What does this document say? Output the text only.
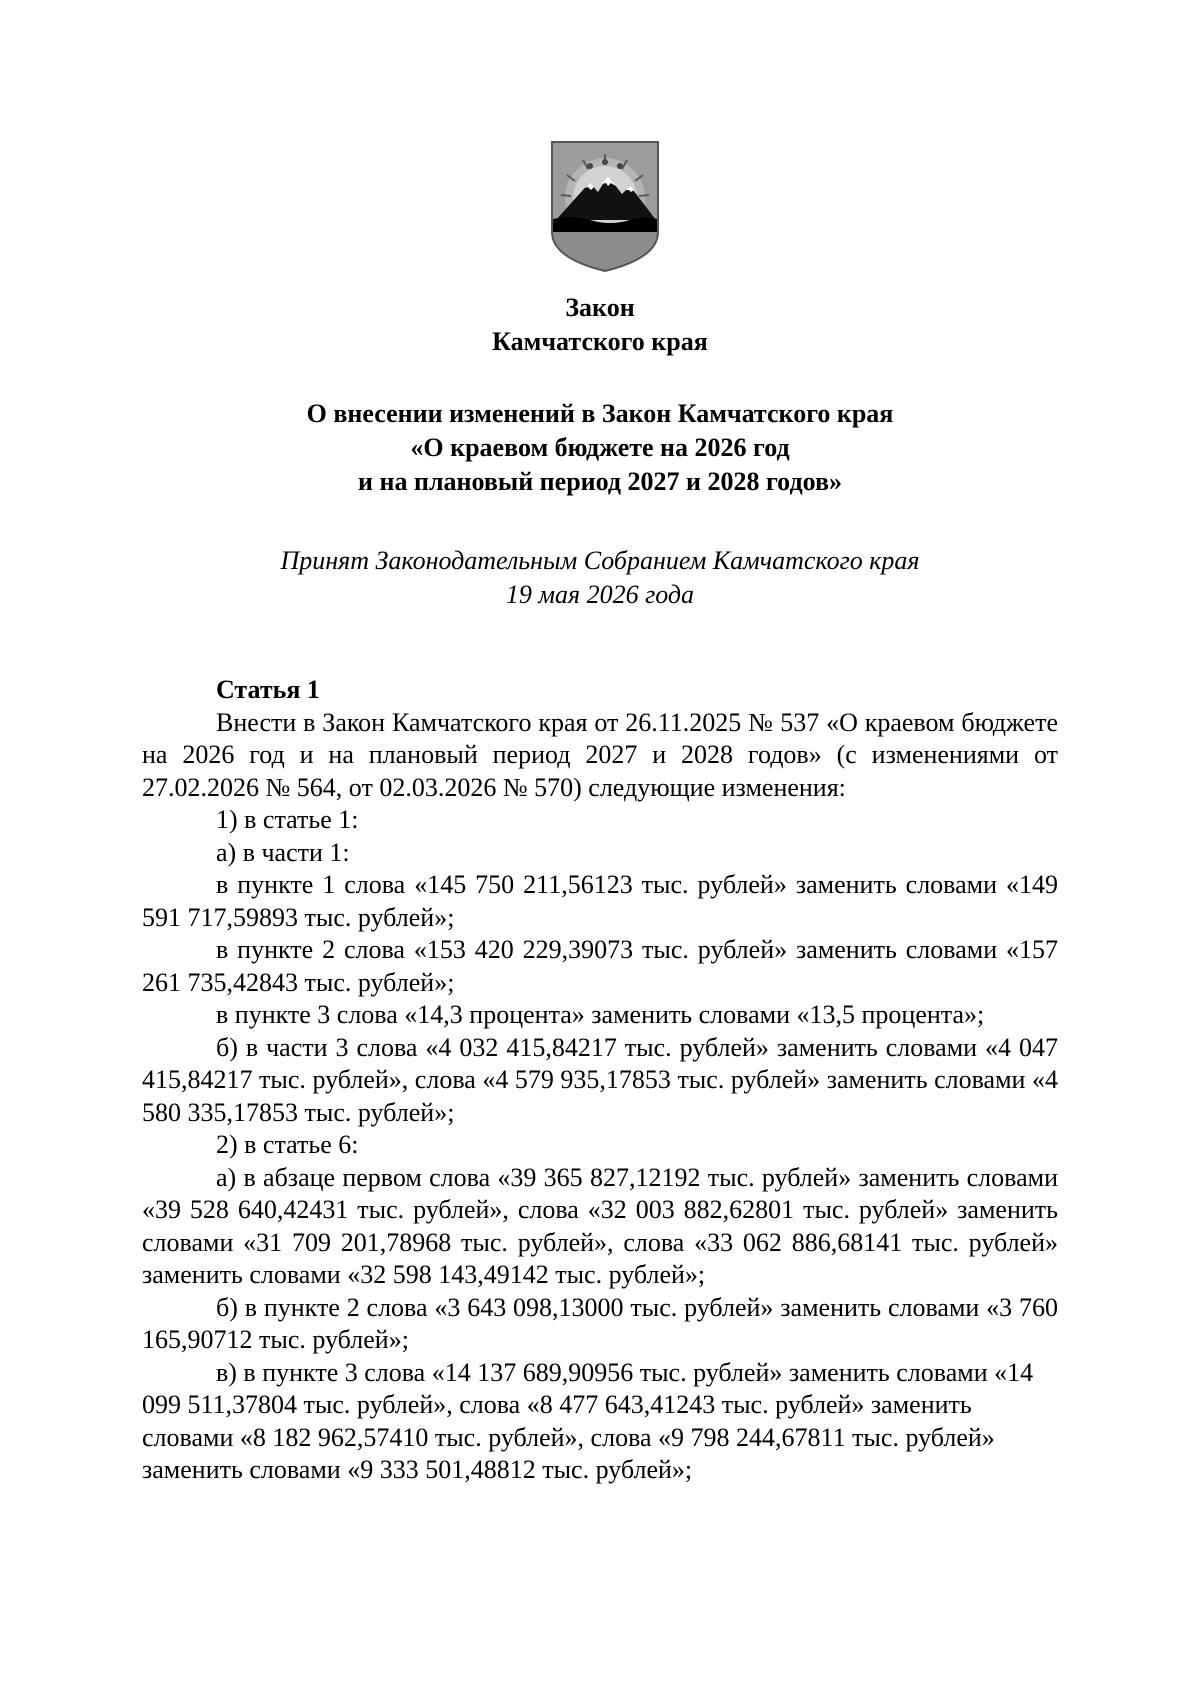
Закон
Камчатского края
О внесении изменений в Закон Камчатского края
«О краевом бюджете на 2026 год
и на плановый период 2027 и 2028 годов»
Принят Законодательным Собранием Камчатского края
19 мая 2026 года

Статья 1

Внести в Закон Камчатского края от 26.11.2025 № 537 «О краевом бюджете на 2026 год и на плановый период 2027 и 2028 годов» (с изменениями от 27.02.2026 № 564, от 02.03.2026 № 570) следующие изменения:

1) в статье 1:

а) в части 1:

в пункте 1 слова «145 750 211,56123 тыс. рублей» заменить словами «149 591 717,59893 тыс. рублей»;

в пункте 2 слова «153 420 229,39073 тыс. рублей» заменить словами «157 261 735,42843 тыс. рублей»;

в пункте 3 слова «14,3 процента» заменить словами «13,5 процента»;

б) в части 3 слова «4 032 415,84217 тыс. рублей» заменить словами «4 047 415,84217 тыс. рублей», слова «4 579 935,17853 тыс. рублей» заменить словами «4 580 335,17853 тыс. рублей»;

2) в статье 6:

а) в абзаце первом слова «39 365 827,12192 тыс. рублей» заменить словами «39 528 640,42431 тыс. рублей», слова «32 003 882,62801 тыс. рублей» заменить словами «31 709 201,78968 тыс. рублей», слова «33 062 886,68141 тыс. рублей» заменить словами «32 598 143,49142 тыс. рублей»;

б) в пункте 2 слова «3 643 098,13000 тыс. рублей» заменить словами «3 760 165,90712 тыс. рублей»;

в) в пункте 3 слова «14 137 689,90956 тыс. рублей» заменить словами «14 099 511,37804 тыс. рублей», слова «8 477 643,41243 тыс. рублей» заменить словами «8 182 962,57410 тыс. рублей», слова «9 798 244,67811 тыс. рублей» заменить словами «9 333 501,48812 тыс. рублей»;
